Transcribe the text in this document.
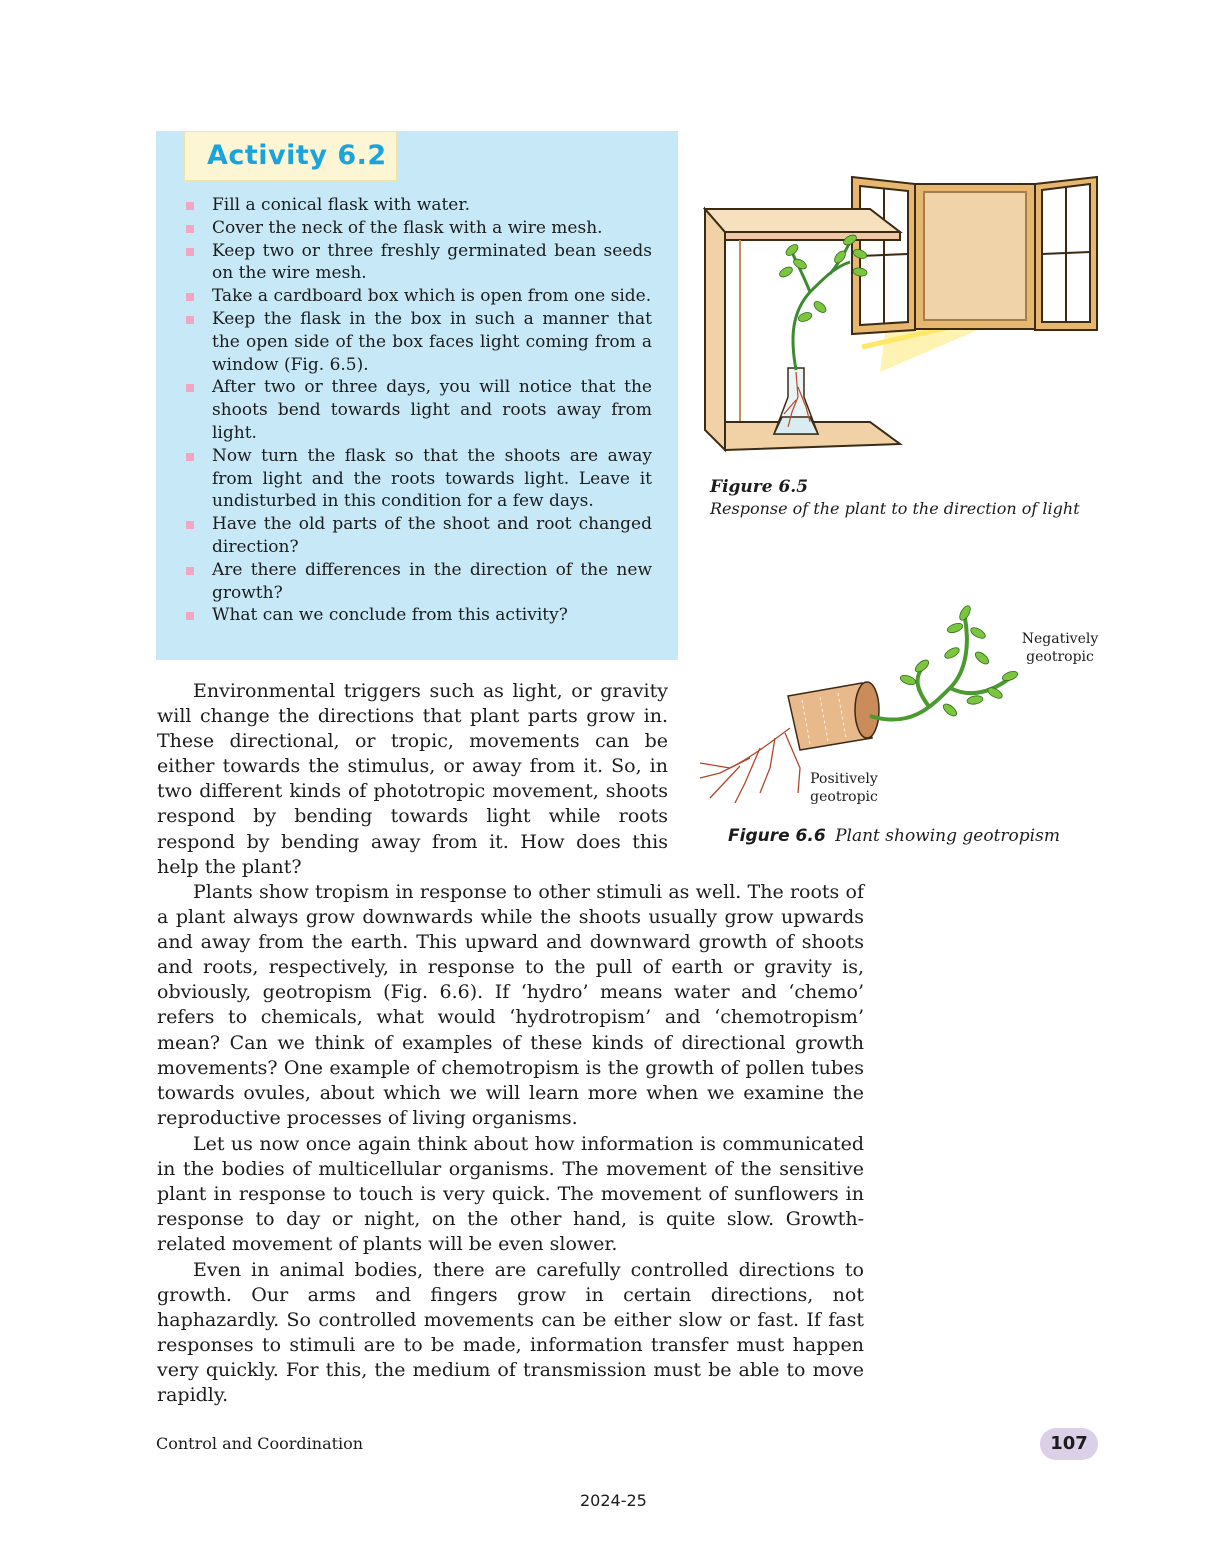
Activity 6.2
Fill a conical flask with water.
Cover the neck of the flask with a wire mesh.
Keep two or three freshly germinated bean seeds on the wire mesh.
Take a cardboard box which is open from one side.
Keep the flask in the box in such a manner that the open side of the box faces light coming from a window (Fig. 6.5).
After two or three days, you will notice that the shoots bend towards light and roots away from light.
Now turn the flask so that the shoots are away from light and the roots towards light. Leave it undisturbed in this condition for a few days.
Have the old parts of the shoot and root changed direction?
Are there differences in the direction of the new growth?
What can we conclude from this activity?
Figure 6.5
Response of the plant to the direction of light
Negatively
geotropic
Positively
geotropic
Figure 6.6 Plant showing geotropism

Environmental triggers such as light, or gravity will change the directions that plant parts grow in. These directional, or tropic, movements can be either towards the stimulus, or away from it. So, in two different kinds of phototropic movement, shoots respond by bending towards light while roots respond by bending away from it. How does this help the plant?

Plants show tropism in response to other stimuli as well. The roots of a plant always grow downwards while the shoots usually grow upwards and away from the earth. This upward and downward growth of shoots and roots, respectively, in response to the pull of earth or gravity is, obviously, geotropism (Fig. 6.6). If ‘hydro’ means water and ‘chemo’ refers to chemicals, what would ‘hydrotropism’ and ‘chemotropism’ mean? Can we think of examples of these kinds of directional growth movements? One example of chemotropism is the growth of pollen tubes towards ovules, about which we will learn more when we examine the reproductive processes of living organisms.

Let us now once again think about how information is communicated in the bodies of multicellular organisms. The movement of the sensitive plant in response to touch is very quick. The movement of sunflowers in response to day or night, on the other hand, is quite slow. Growth-related movement of plants will be even slower.

Even in animal bodies, there are carefully controlled directions to growth. Our arms and fingers grow in certain directions, not haphazardly. So controlled movements can be either slow or fast. If fast responses to stimuli are to be made, information transfer must happen very quickly. For this, the medium of transmission must be able to move rapidly.

Control and Coordination	107
2024-25
